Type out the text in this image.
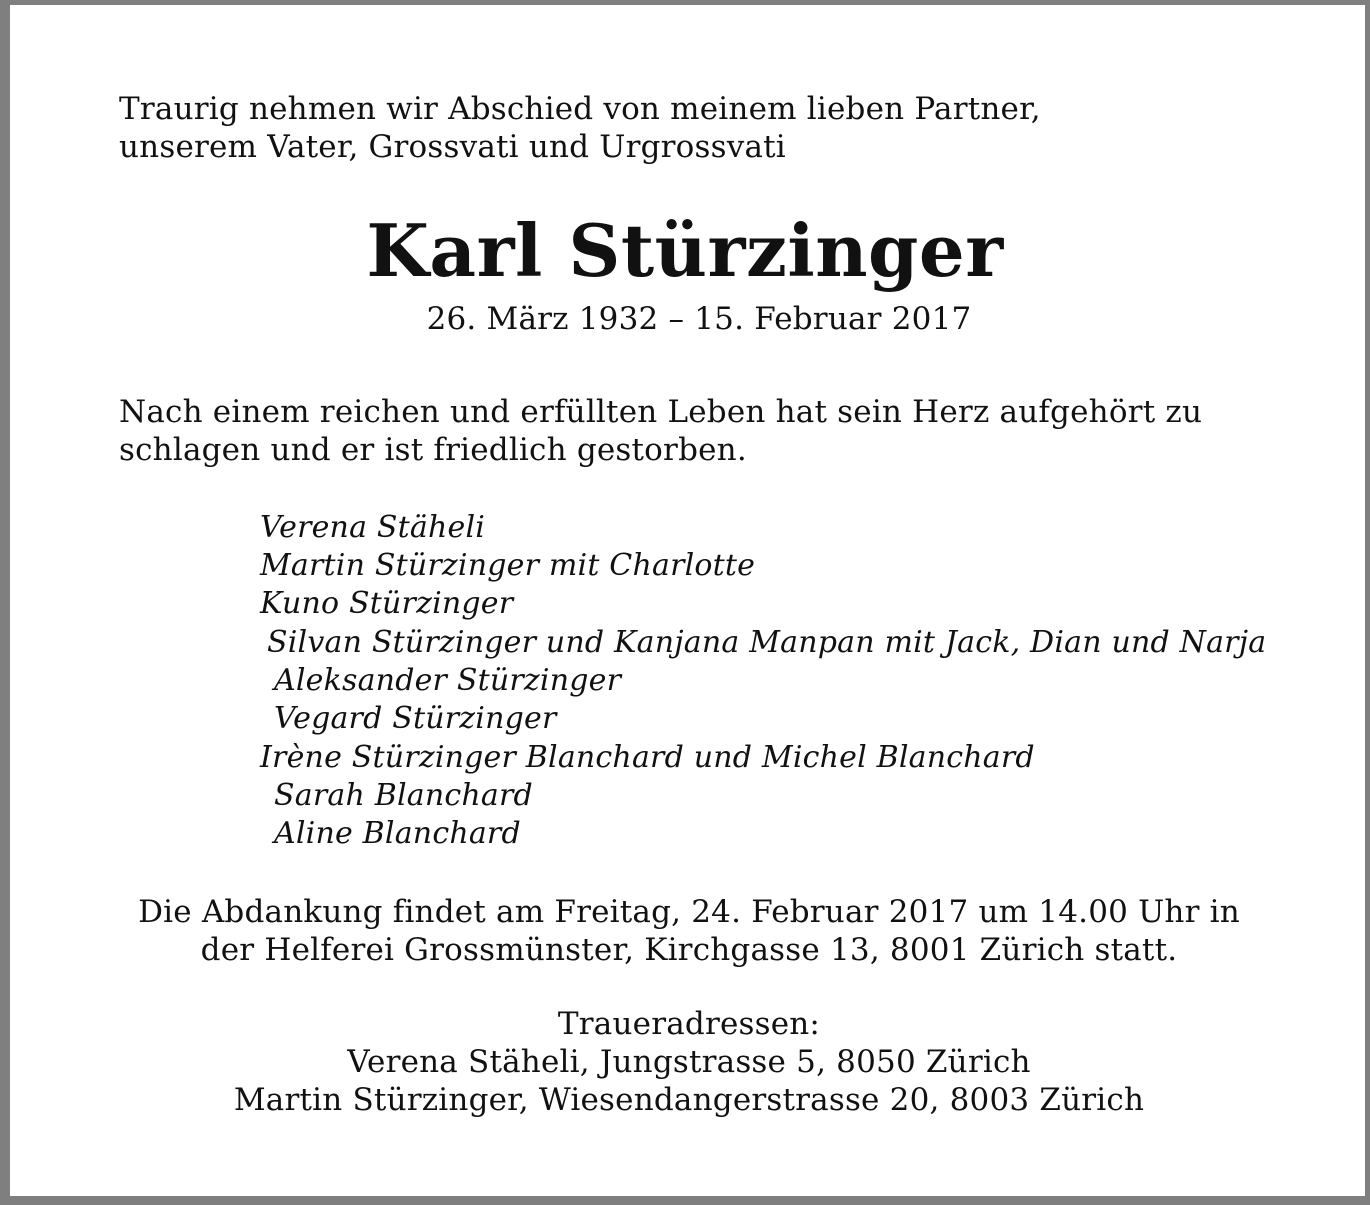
Traurig nehmen wir Abschied von meinem lieben Partner,
unserem Vater, Grossvati und Urgrossvati
Karl Stürzinger
26. März 1932 – 15. Februar 2017
Nach einem reichen und erfüllten Leben hat sein Herz aufgehört zu
schlagen und er ist friedlich gestorben.
Verena Stäheli
Martin Stürzinger mit Charlotte
Kuno Stürzinger
Silvan Stürzinger und Kanjana Manpan mit Jack, Dian und Narja
Aleksander Stürzinger
Vegard Stürzinger
Irène Stürzinger Blanchard und Michel Blanchard
Sarah Blanchard
Aline Blanchard
Die Abdankung findet am Freitag, 24. Februar 2017 um 14.00 Uhr in
der Helferei Grossmünster, Kirchgasse 13, 8001 Zürich statt.
Traueradressen:
Verena Stäheli, Jungstrasse 5, 8050 Zürich
Martin Stürzinger, Wiesendangerstrasse 20, 8003 Zürich
